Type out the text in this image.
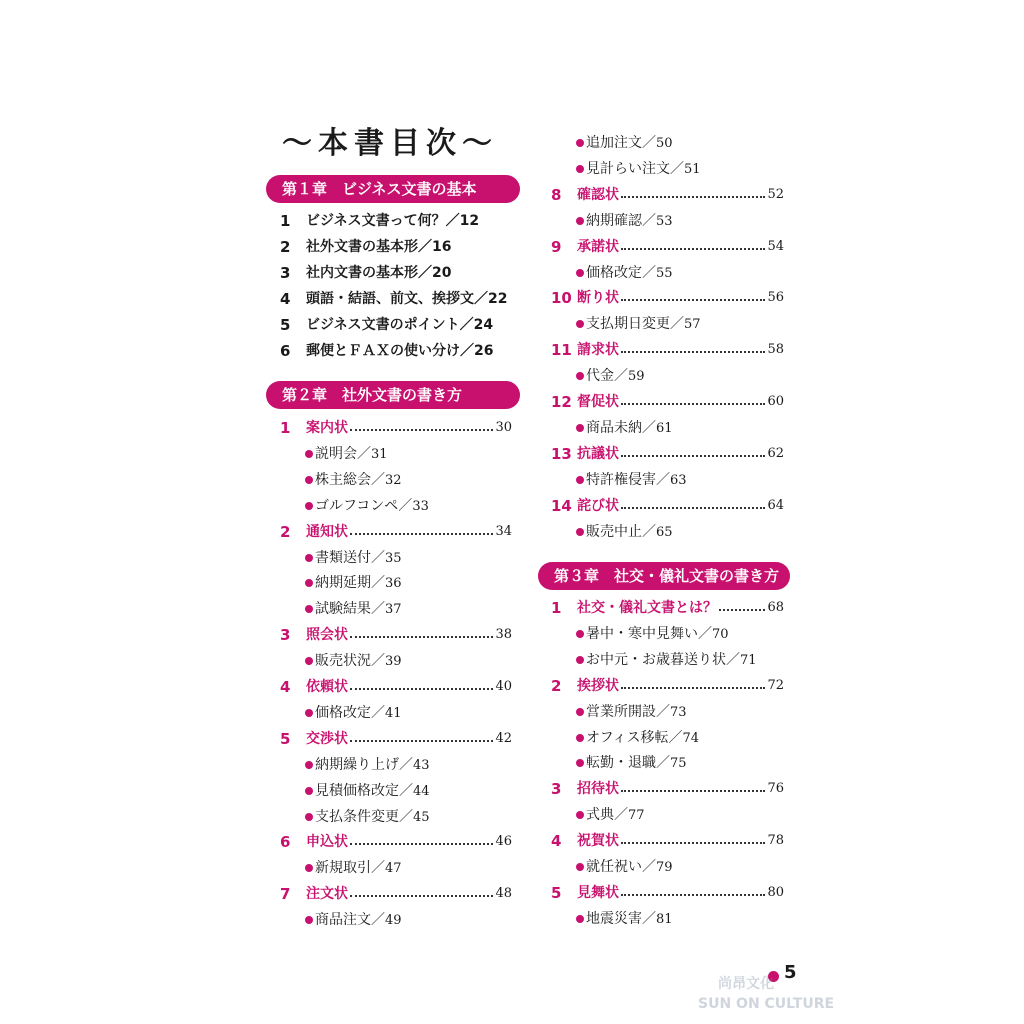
〜本書目次〜
第１章　ビジネス文書の基本
第２章　社外文書の書き方
第３章　社交・儀礼文書の書き方
1	ビジネス文書って何？／12
2	社外文書の基本形／16
3	社内文書の基本形／20
4	頭語・結語、前文、挨拶文／22
5	ビジネス文書のポイント／24
6	郵便とＦＡＸの使い分け／26
1	案内状	30
説明会／31
株主総会／32
ゴルフコンペ／33
2	通知状	34
書類送付／35
納期延期／36
試験結果／37
3	照会状	38
販売状況／39
4	依頼状	40
価格改定／41
5	交渉状	42
納期繰り上げ／43
見積価格改定／44
支払条件変更／45
6	申込状	46
新規取引／47
7	注文状	48
商品注文／49
追加注文／50
見計らい注文／51
8	確認状	52
納期確認／53
9	承諾状	54
価格改定／55
10 断り状	56
支払期日変更／57
11 請求状	58
代金／59
12 督促状	60
商品未納／61
13 抗議状	62
特許権侵害／63
14 詫び状	64
販売中止／65
1	社交・儀礼文書とは？	68
暑中・寒中見舞い／70
お中元・お歳暮送り状／71
2	挨拶状	72
営業所開設／73
オフィス移転／74
転勤・退職／75
3	招待状	76
式典／77
4	祝賀状	78
就任祝い／79
5	見舞状	80
地震災害／81
5
尚昂文化
SUN ON CULTURE
